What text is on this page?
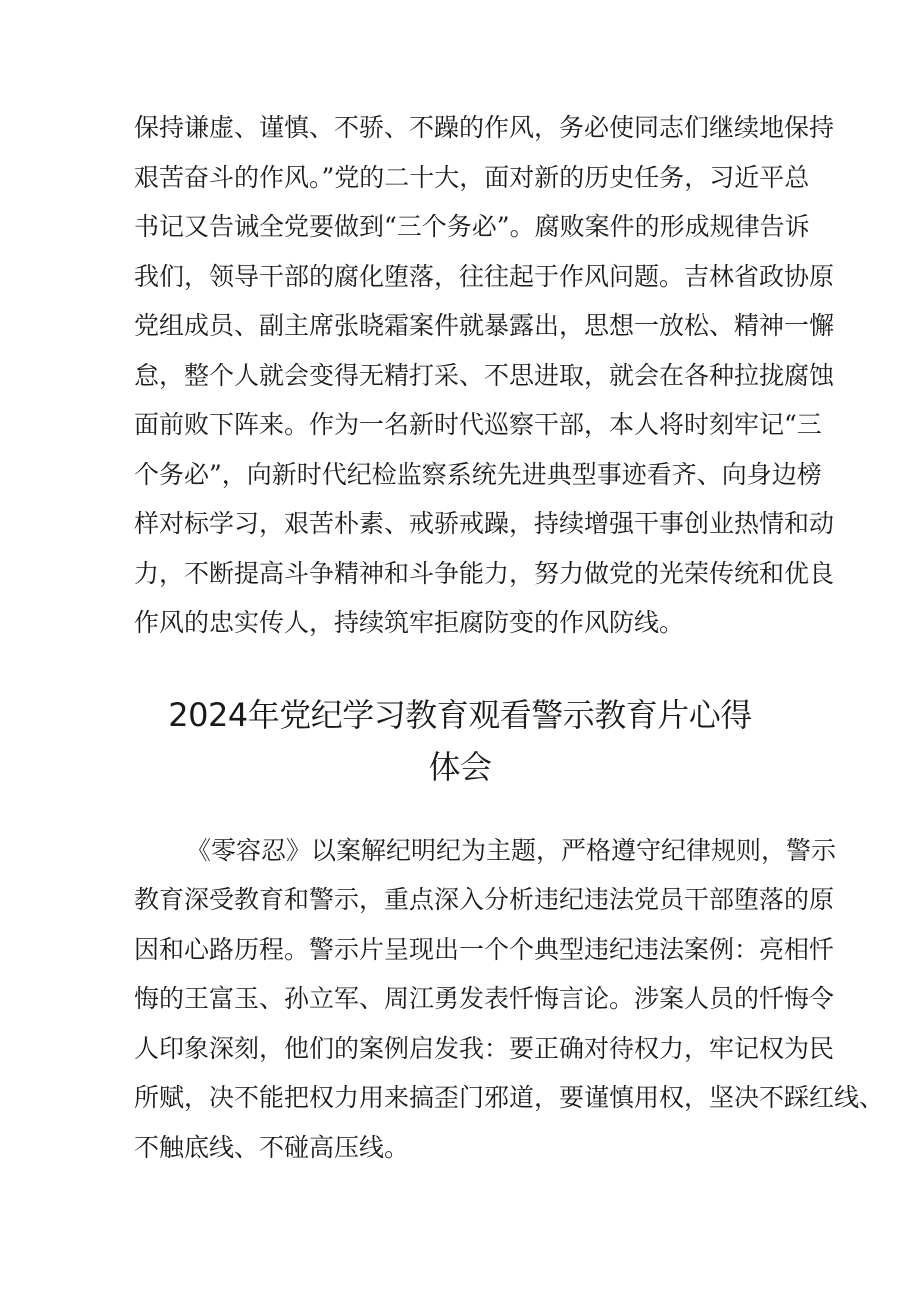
保持谦虚、谨慎、不骄、不躁的作风，务必使同志们继续地保持
艰苦奋斗的作风。”党的二十大，面对新的历史任务，习近平总
书记又告诫全党要做到“三个务必”。腐败案件的形成规律告诉
我们，领导干部的腐化堕落，往往起于作风问题。吉林省政协原
党组成员、副主席张晓霜案件就暴露出，思想一放松、精神一懈
怠，整个人就会变得无精打采、不思进取，就会在各种拉拢腐蚀
面前败下阵来。作为一名新时代巡察干部，本人将时刻牢记“三
个务必”，向新时代纪检监察系统先进典型事迹看齐、向身边榜
样对标学习，艰苦朴素、戒骄戒躁，持续增强干事创业热情和动
力，不断提高斗争精神和斗争能力，努力做党的光荣传统和优良
作风的忠实传人，持续筑牢拒腐防变的作风防线。
2024年党纪学习教育观看警示教育片心得
体会
《零容忍》以案解纪明纪为主题，严格遵守纪律规则，警示
教育深受教育和警示，重点深入分析违纪违法党员干部堕落的原
因和心路历程。警示片呈现出一个个典型违纪违法案例：亮相忏
悔的王富玉、孙立军、周江勇发表忏悔言论。涉案人员的忏悔令
人印象深刻，他们的案例启发我：要正确对待权力，牢记权为民
所赋，决不能把权力用来搞歪门邪道，要谨慎用权，坚决不踩红线、
不触底线、不碰高压线。
